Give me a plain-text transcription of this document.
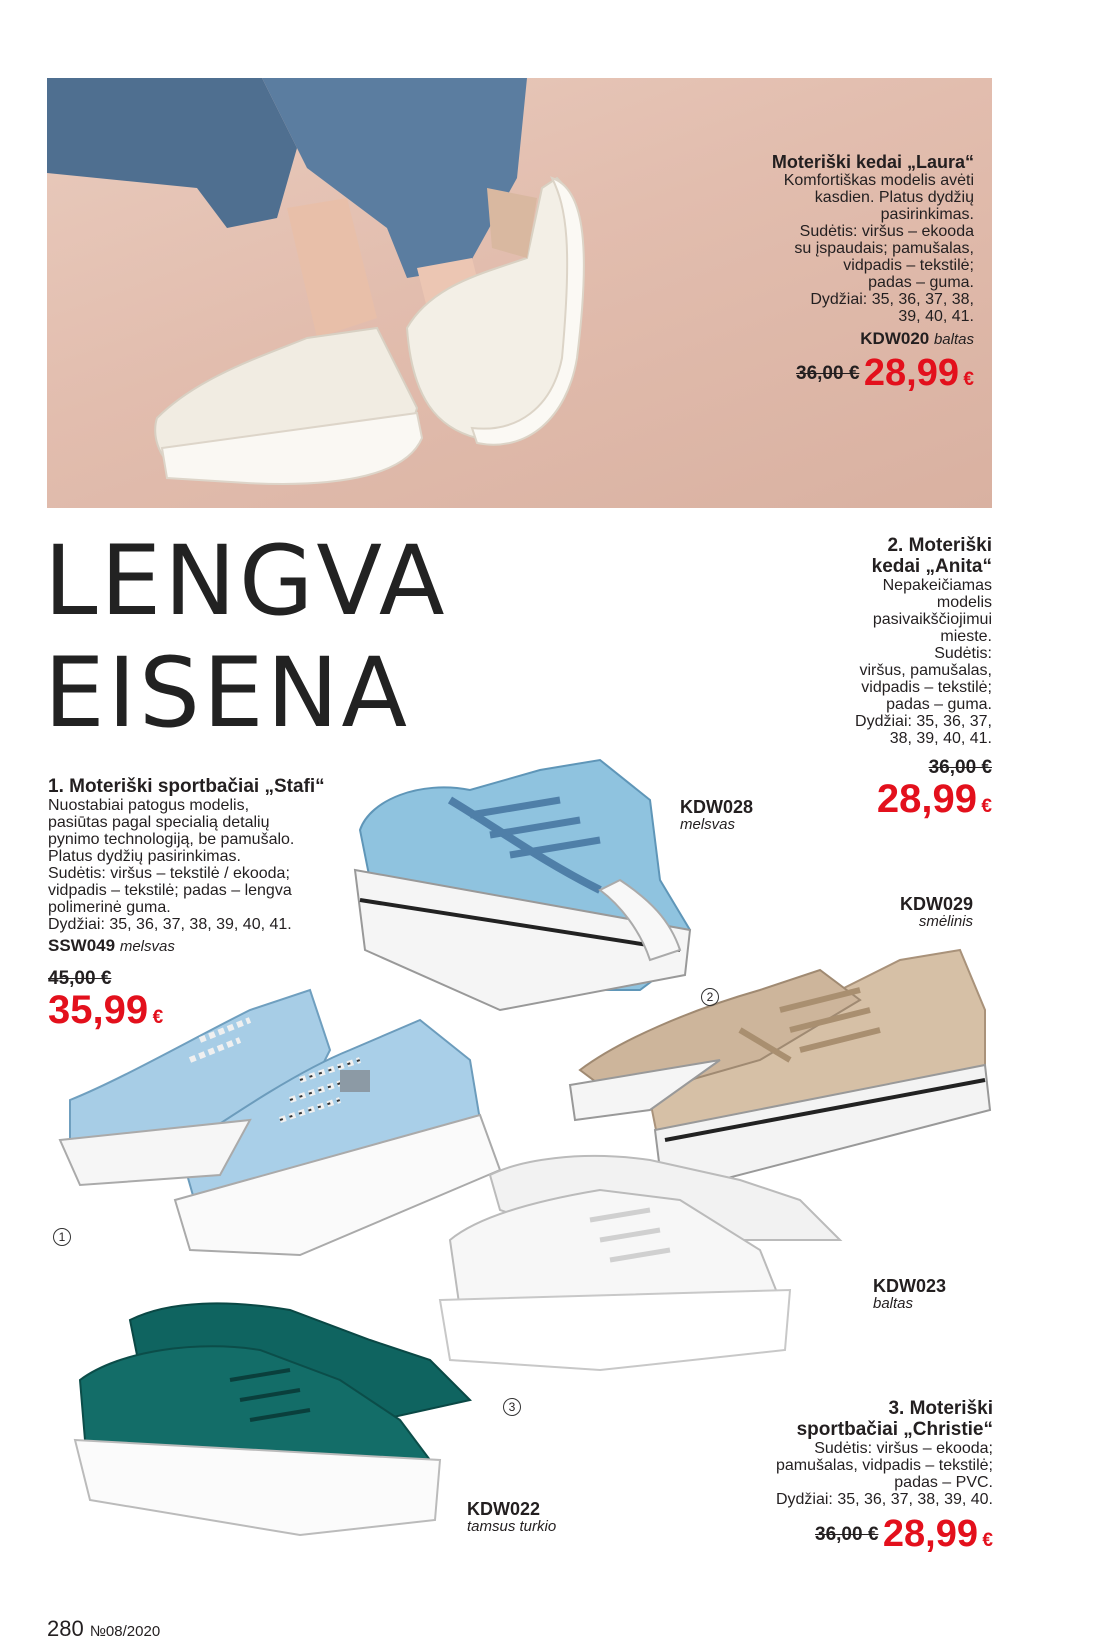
Moteriški kedai „Laura“
Komfortiškas modelis avėti
kasdien. Platus dydžių
pasirinkimas.
Sudėtis: viršus – ekooda
su įspaudais; pamušalas,
vidpadis – tekstilė;
padas – guma.
Dydžiai: 35, 36, 37, 38,
39, 40, 41.
KDW020 baltas
36,00 € 28,99 €
LENGVA
EISENA
1. Moteriški sportbačiai „Stafi“
Nuostabiai patogus modelis,
pasiūtas pagal specialią detalių
pynimo technologiją, be pamušalo.
Platus dydžių pasirinkimas.
Sudėtis: viršus – tekstilė / ekooda;
vidpadis – tekstilė; padas – lengva
polimerinė guma.
Dydžiai: 35, 36, 37, 38, 39, 40, 41.
SSW049 melsvas
45,00 €
35,99 €
1
2. Moteriški
kedai „Anita“
Nepakeičiamas
modelis
pasivaikščiojimui
mieste.
Sudėtis:
viršus, pamušalas,
vidpadis – tekstilė;
padas – guma.
Dydžiai: 35, 36, 37,
38, 39, 40, 41.
36,00 €
28,99 €
KDW028
melsvas
KDW029
smėlinis
2
KDW023
baltas
KDW022
tamsus turkio
3	3. Moteriški
sportbačiai „Christie“
Sudėtis: viršus – ekooda;
pamušalas, vidpadis – tekstilė;
padas – PVC.
Dydžiai: 35, 36, 37, 38, 39, 40.
36,00 € 28,99 €
280 №08/2020
